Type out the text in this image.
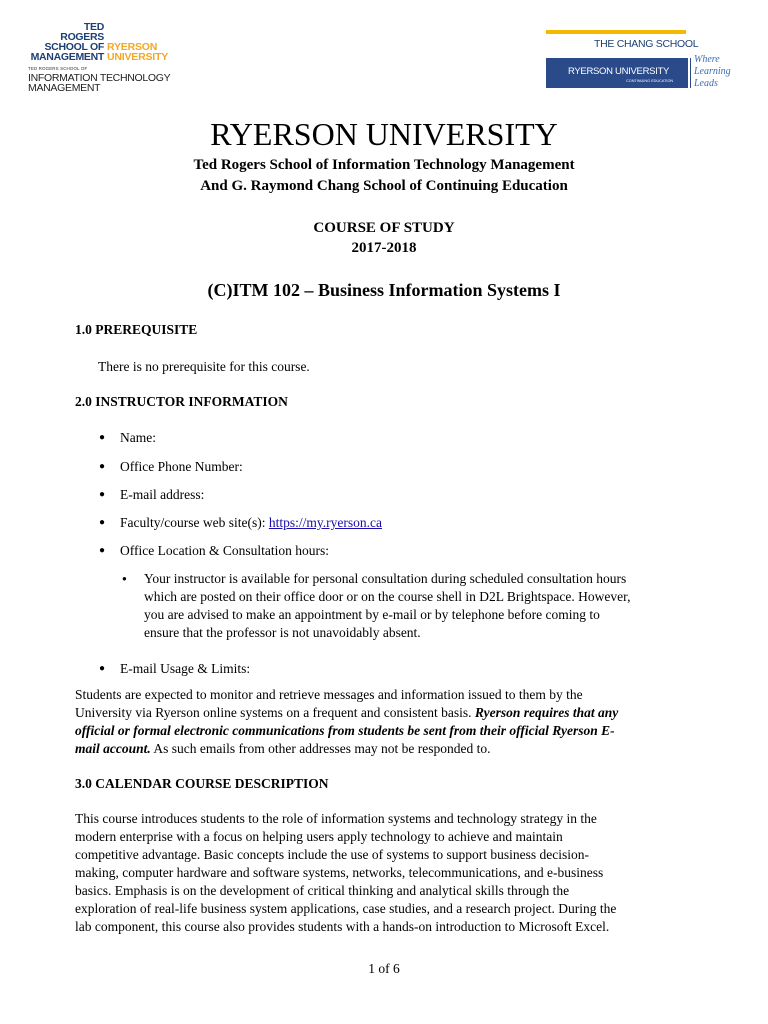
TED
ROGERS
SCHOOL OF
MANAGEMENT
RYERSON
UNIVERSITY
TED ROGERS SCHOOL OF
INFORMATION TECHNOLOGY
MANAGEMENT
THE CHANG SCHOOL
RYERSON UNIVERSITY
CONTINUING EDUCATION
Where
Learning
Leads
RYERSON UNIVERSITY
Ted Rogers School of Information Technology Management
And G. Raymond Chang School of Continuing Education
COURSE OF STUDY
2017-2018
(C)ITM 102 – Business Information Systems I
1.0 PREREQUISITE
There is no prerequisite for this course.
2.0 INSTRUCTOR INFORMATION
● Name:
● Office Phone Number:
● E-mail address:
● Faculty/course web site(s): https://my.ryerson.ca
● Office Location & Consultation hours:
● Your instructor is available for personal consultation during scheduled consultation hours
which are posted on their office door or on the course shell in D2L Brightspace. However,
you are advised to make an appointment by e-mail or by telephone before coming to
ensure that the professor is not unavoidably absent.
● E-mail Usage & Limits:
Students are expected to monitor and retrieve messages and information issued to them by the
University via Ryerson online systems on a frequent and consistent basis. Ryerson requires that any
official or formal electronic communications from students be sent from their official Ryerson E-
mail account. As such emails from other addresses may not be responded to.
3.0 CALENDAR COURSE DESCRIPTION
This course introduces students to the role of information systems and technology strategy in the
modern enterprise with a focus on helping users apply technology to achieve and maintain
competitive advantage. Basic concepts include the use of systems to support business decision-
making, computer hardware and software systems, networks, telecommunications, and e-business
basics. Emphasis is on the development of critical thinking and analytical skills through the
exploration of real-life business system applications, case studies, and a research project. During the
lab component, this course also provides students with a hands-on introduction to Microsoft Excel.
1 of 6
